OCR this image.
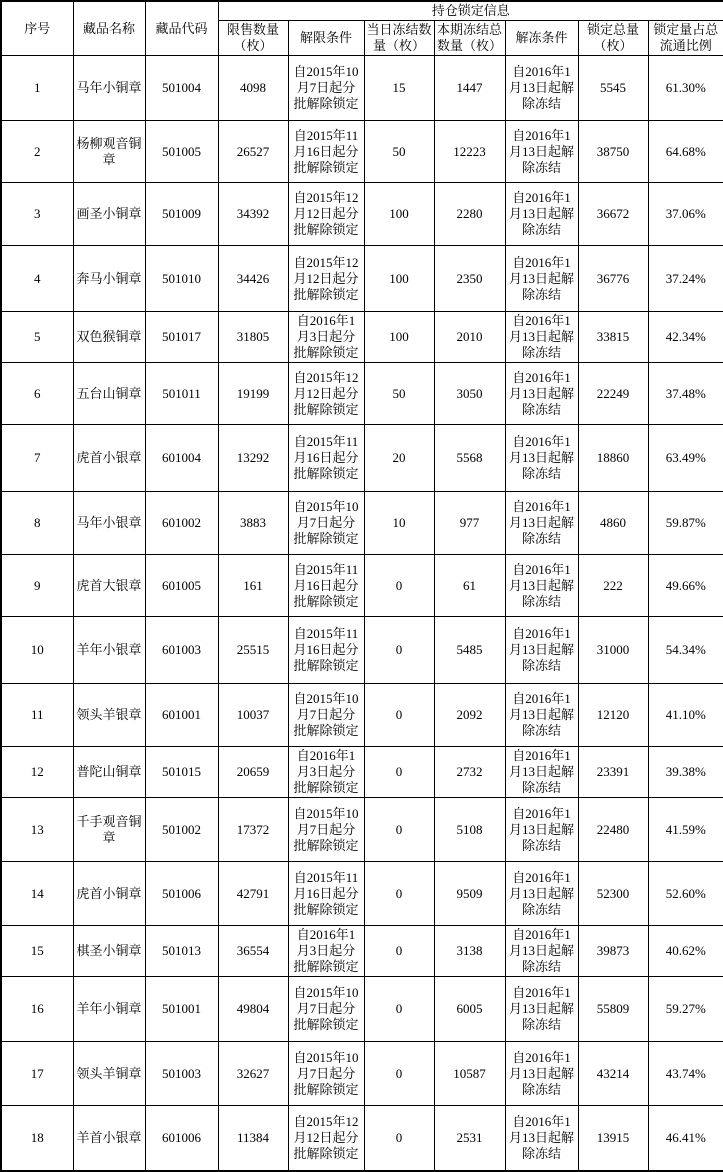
序号	藏品名称	藏品代码	持仓锁定信息						
			限售数量（枚）	解限条件	当日冻结数量（枚）	本期冻结总数量（枚）	解冻条件	锁定总量（枚）	锁定量占总流通比例
1	马年小铜章	501004	4098	自2015年10月7日起分批解除锁定	15	1447	自2016年1月13日起解除冻结	5545	61.30%
2	杨柳观音铜章	501005	26527	自2015年11月16日起分批解除锁定	50	12223	自2016年1月13日起解除冻结	38750	64.68%
3	画圣小铜章	501009	34392	自2015年12月12日起分批解除锁定	100	2280	自2016年1月13日起解除冻结	36672	37.06%
4	奔马小铜章	501010	34426	自2015年12月12日起分批解除锁定	100	2350	自2016年1月13日起解除冻结	36776	37.24%
5	双色猴铜章	501017	31805	自2016年1月3日起分批解除锁定	100	2010	自2016年1月13日起解除冻结	33815	42.34%
6	五台山铜章	501011	19199	自2015年12月12日起分批解除锁定	50	3050	自2016年1月13日起解除冻结	22249	37.48%
7	虎首小银章	601004	13292	自2015年11月16日起分批解除锁定	20	5568	自2016年1月13日起解除冻结	18860	63.49%
8	马年小银章	601002	3883	自2015年10月7日起分批解除锁定	10	977	自2016年1月13日起解除冻结	4860	59.87%
9	虎首大银章	601005	161	自2015年11月16日起分批解除锁定	0	61	自2016年1月13日起解除冻结	222	49.66%
10	羊年小银章	601003	25515	自2015年11月16日起分批解除锁定	0	5485	自2016年1月13日起解除冻结	31000	54.34%
11	领头羊银章	601001	10037	自2015年10月7日起分批解除锁定	0	2092	自2016年1月13日起解除冻结	12120	41.10%
12	普陀山铜章	501015	20659	自2016年1月3日起分批解除锁定	0	2732	自2016年1月13日起解除冻结	23391	39.38%
13	千手观音铜章	501002	17372	自2015年10月7日起分批解除锁定	0	5108	自2016年1月13日起解除冻结	22480	41.59%
14	虎首小铜章	501006	42791	自2015年11月16日起分批解除锁定	0	9509	自2016年1月13日起解除冻结	52300	52.60%
15	棋圣小铜章	501013	36554	自2016年1月3日起分批解除锁定	0	3138	自2016年1月13日起解除冻结	39873	40.62%
16	羊年小铜章	501001	49804	自2015年10月7日起分批解除锁定	0	6005	自2016年1月13日起解除冻结	55809	59.27%
17	领头羊铜章	501003	32627	自2015年10月7日起分批解除锁定	0	10587	自2016年1月13日起解除冻结	43214	43.74%
18	羊首小银章	601006	11384	自2015年12月12日起分批解除锁定	0	2531	自2016年1月13日起解除冻结	13915	46.41%
